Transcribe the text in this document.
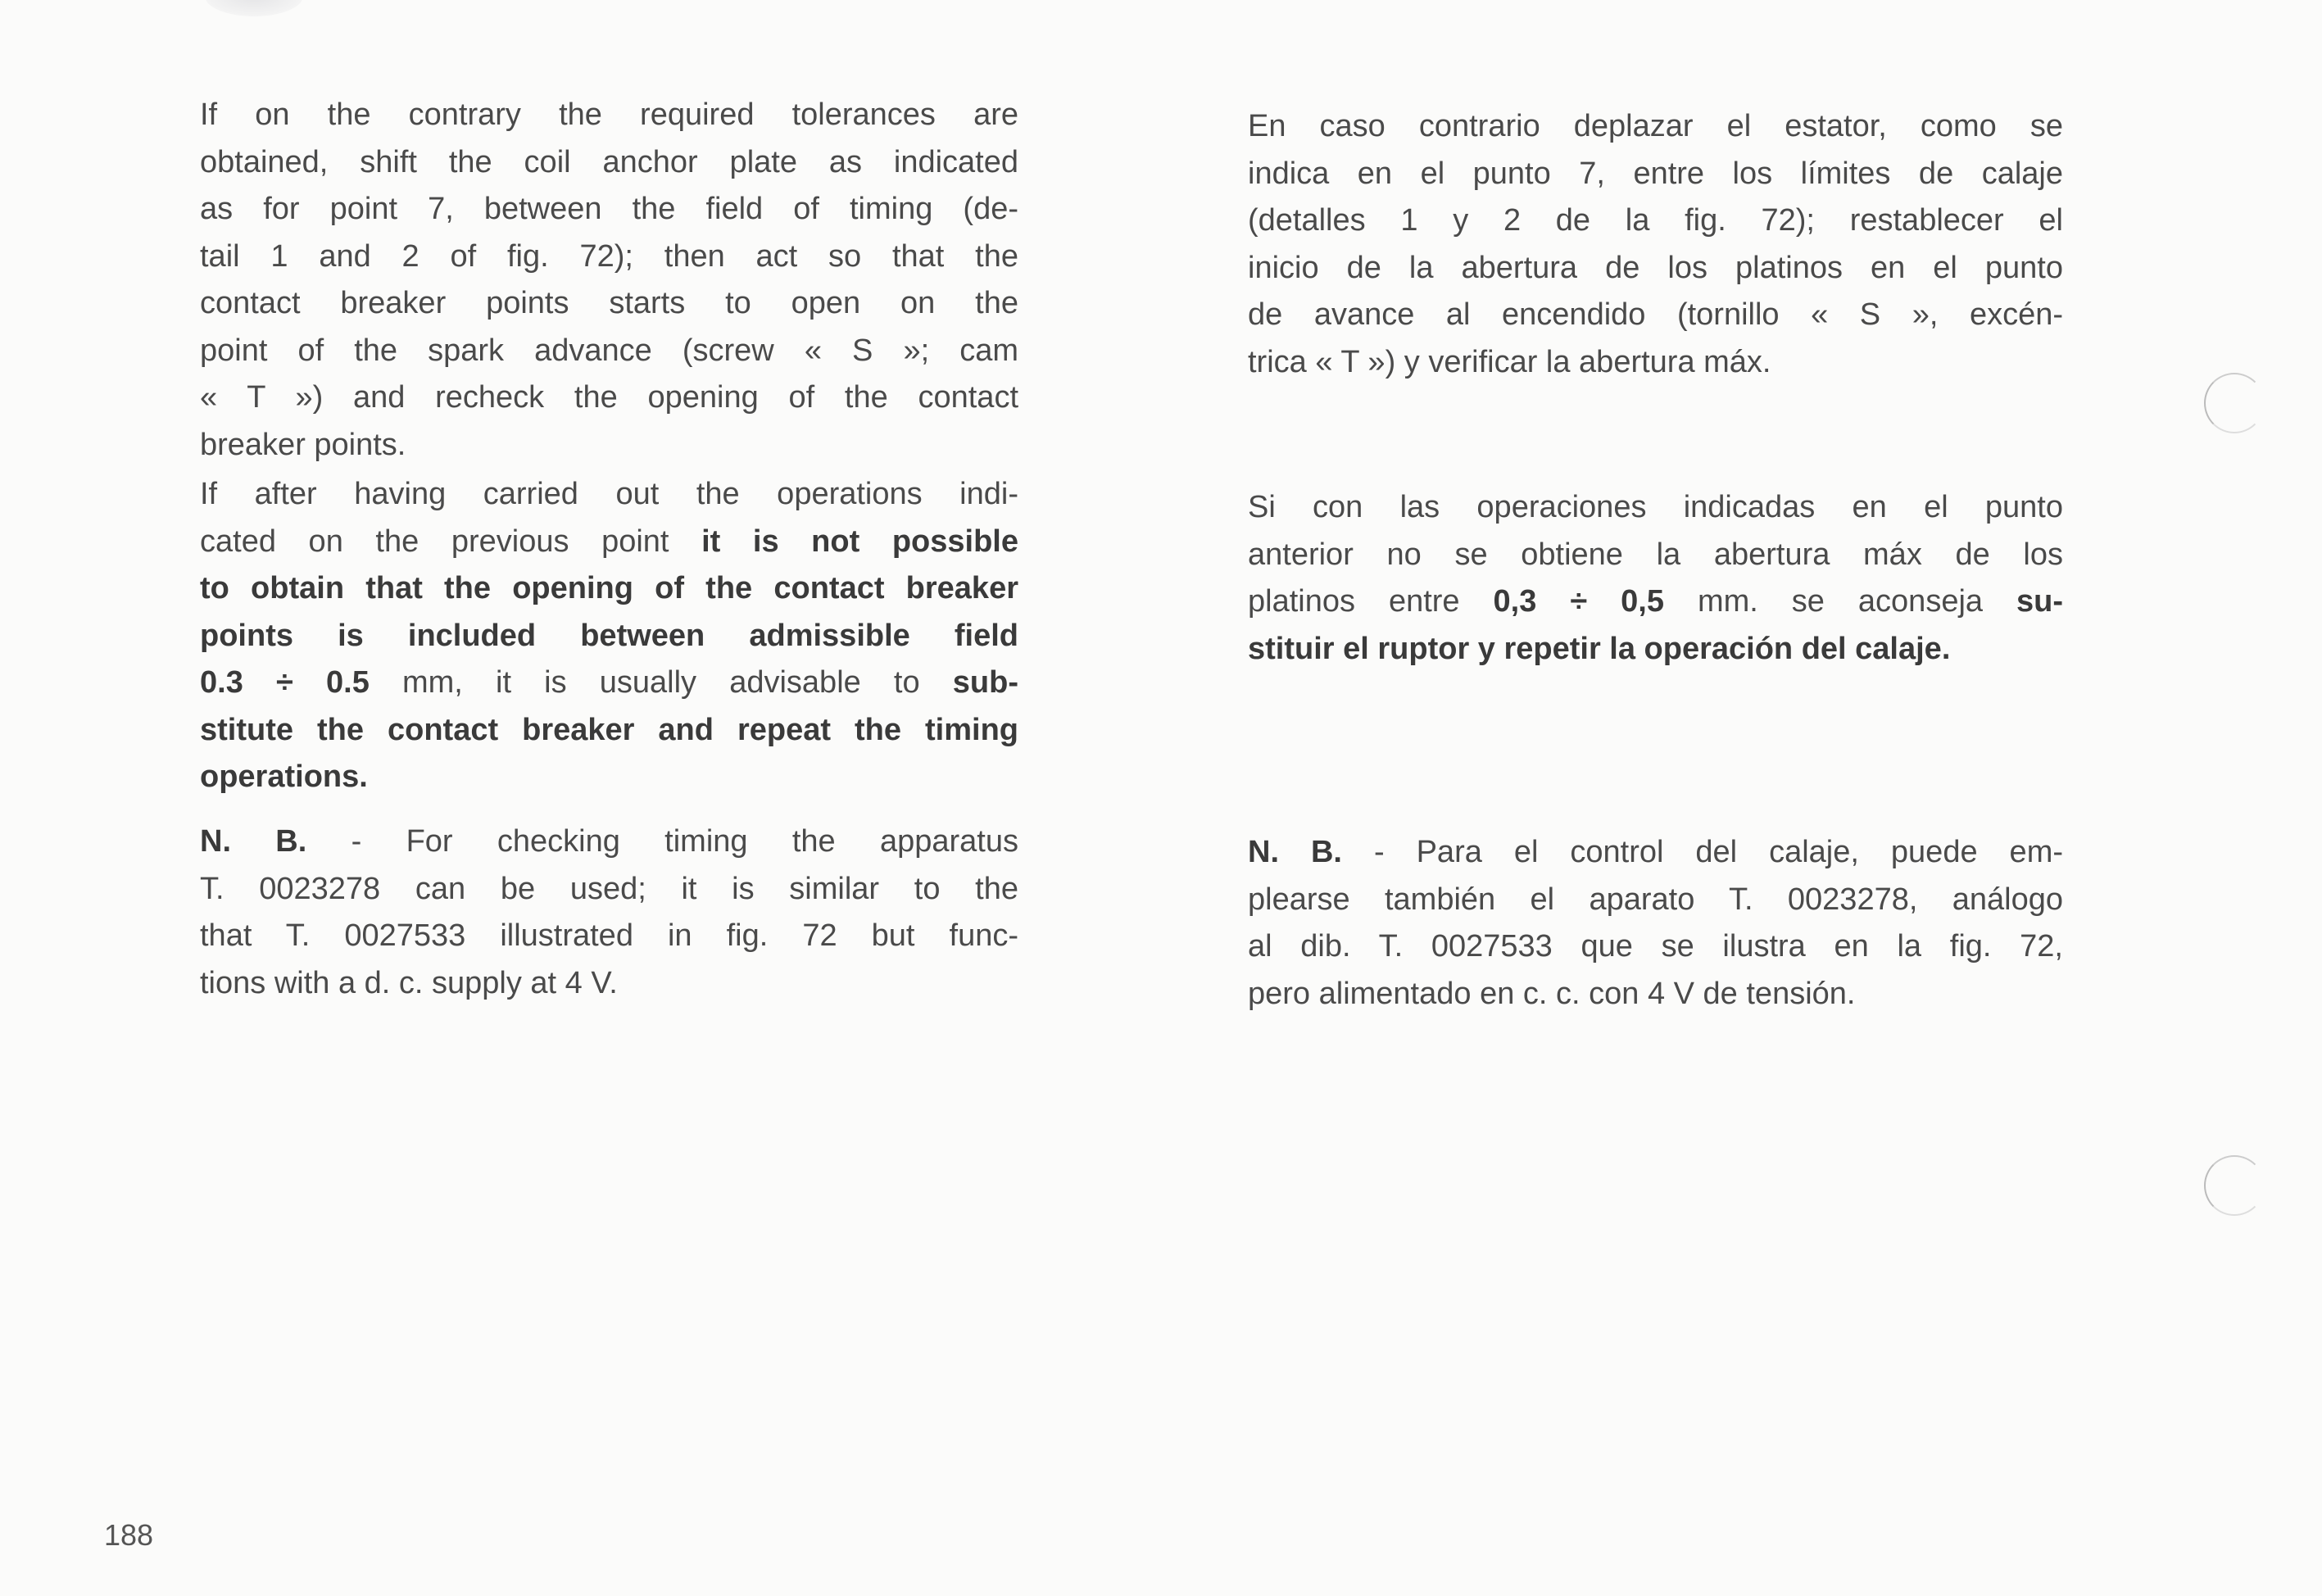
If on the contrary the required tolerances are
obtained, shift the coil anchor plate as indicated
as for point 7, between the field of timing (de-
tail 1 and 2 of fig. 72); then act so that the
contact breaker points starts to open on the
point of the spark advance (screw « S »; cam
« T ») and recheck the opening of the contact
breaker points.
If after having carried out the operations indi-
cated on the previous point it is not possible
to obtain that the opening of the contact breaker
points is included between admissible field
0.3 ÷ 0.5 mm, it is usually advisable to sub-
stitute the contact breaker and repeat the timing
operations.
N. B. - For checking timing the apparatus
T. 0023278 can be used; it is similar to the
that T. 0027533 illustrated in fig. 72 but func-
tions with a d. c. supply at 4 V.
En caso contrario deplazar el estator, como se
indica en el punto 7, entre los límites de calaje
(detalles 1 y 2 de la fig. 72); restablecer el
inicio de la abertura de los platinos en el punto
de avance al encendido (tornillo « S », excén-
trica « T ») y verificar la abertura máx.
Si con las operaciones indicadas en el punto
anterior no se obtiene la abertura máx de los
platinos entre 0,3 ÷ 0,5 mm. se aconseja su-
stituir el ruptor y repetir la operación del calaje.
N. B. - Para el control del calaje, puede em-
plearse también el aparato T. 0023278, análogo
al dib. T. 0027533 que se ilustra en la fig. 72,
pero alimentado en c. c. con 4 V de tensión.
188
